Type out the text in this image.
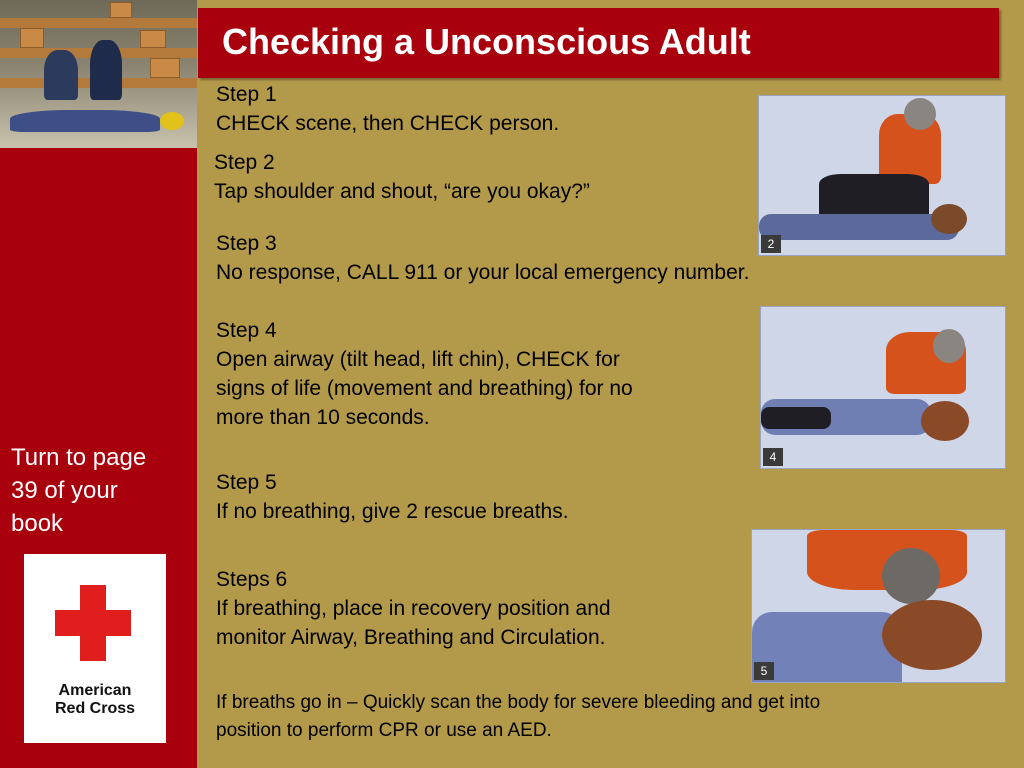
Turn to page
39 of your
book
American
Red Cross
Checking a Unconscious Adult
Step 1
CHECK scene, then CHECK person.
Step 2
Tap shoulder and shout, “are you okay?”
Step 3
No response, CALL 911 or your local emergency number.
Step 4
Open airway (tilt head, lift chin), CHECK for
signs of life (movement and breathing) for no
more than 10 seconds.
Step 5
If no breathing, give 2 rescue breaths.
Steps 6
If breathing, place in recovery position and
monitor Airway, Breathing and Circulation.
If breaths go in – Quickly scan the body for severe bleeding and get into
position to perform CPR or use an AED.
2
4
5
